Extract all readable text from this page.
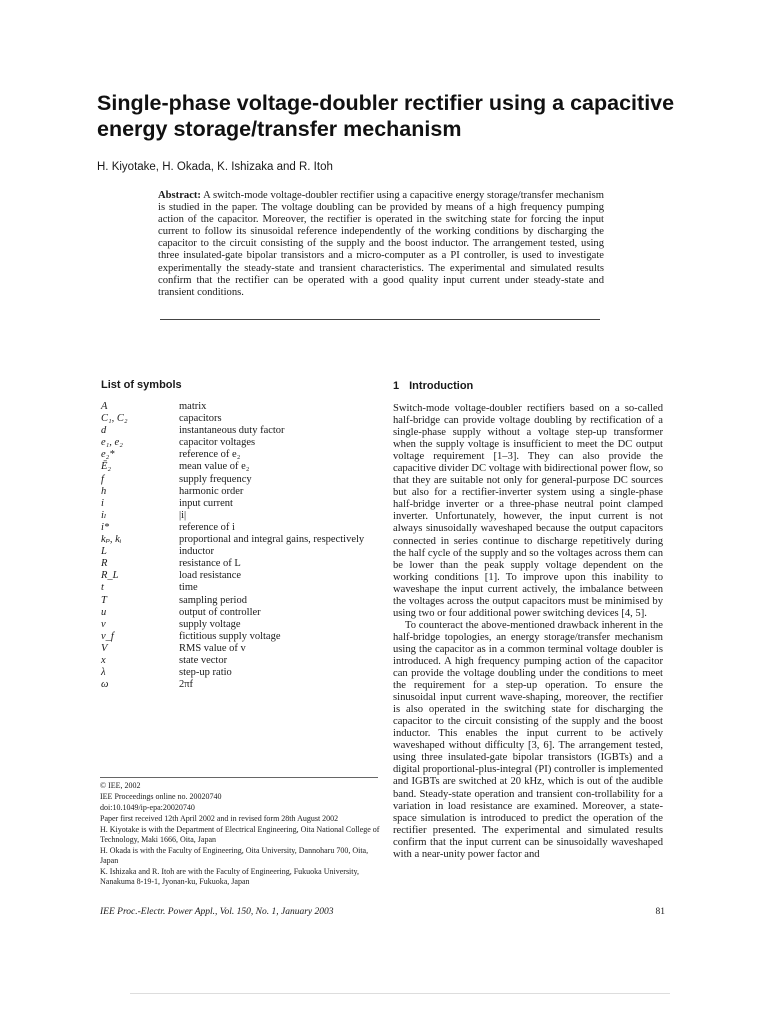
Single-phase voltage-doubler rectifier using a capacitive energy storage/transfer mechanism

H. Kiyotake, H. Okada, K. Ishizaka and R. Itoh

Abstract: A switch-mode voltage-doubler rectifier using a capacitive energy storage/transfer mechanism is studied in the paper. The voltage doubling can be provided by means of a high frequency pumping action of the capacitor. Moreover, the rectifier is operated in the switching state for forcing the input current to follow its sinusoidal reference independently of the working conditions by discharging the capacitor to the circuit consisting of the supply and the boost inductor. The arrangement tested, using three insulated-gate bipolar transistors and a micro-computer as a PI controller, is used to investigate experimentally the steady-state and transient characteristics. The experimental and simulated results confirm that the rectifier can be operated with a good quality input current under steady-state and transient conditions.

List of symbols
A	matrix
C₁, C₂	capacitors
d	instantaneous duty factor
e₁, e₂	capacitor voltages
e₂*	reference of e₂
Ē₂	mean value of e₂
f	supply frequency
h	harmonic order
i	input current
iₗ	|i|
i*	reference of i
kₚ, kᵢ	proportional and integral gains, respectively
L	inductor
R	resistance of L
R_L	load resistance
t	time
T	sampling period
u	output of controller
v	supply voltage
v_f	fictitious supply voltage
V	RMS value of v
x	state vector
λ	step-up ratio
ω	2πf
1 Introduction

Switch-mode voltage-doubler rectifiers based on a so-called half-bridge can provide voltage doubling by rectification of a single-phase supply without a voltage step-up transformer when the supply voltage is insufficient to meet the DC output voltage requirement [1–3]. They can also provide the capacitive divider DC voltage with bidirectional power flow, so that they are suitable not only for general-purpose DC sources but also for a rectifier-inverter system using a single-phase half-bridge inverter or a three-phase neutral point clamped inverter. Unfortunately, however, the input current is not always sinusoidally waveshaped because the output capacitors connected in series continue to discharge repetitively during the half cycle of the supply and so the voltages across them can be lower than the peak supply voltage dependent on the working conditions [1]. To improve upon this inability to waveshape the input current actively, the imbalance between the voltages across the output capacitors must be minimised by using two or four additional power switching devices [4, 5].

To counteract the above-mentioned drawback inherent in the half-bridge topologies, an energy storage/transfer mechanism using the capacitor as in a common terminal voltage doubler is introduced. A high frequency pumping action of the capacitor can provide the voltage doubling under the conditions to meet the requirement for a step-up operation. To ensure the sinusoidal input current wave-shaping, moreover, the rectifier is also operated in the switching state for discharging the capacitor to the circuit consisting of the supply and the boost inductor. This enables the input current to be actively waveshaped without difficulty [3, 6]. The arrangement tested, using three insulated-gate bipolar transistors (IGBTs) and a digital proportional-plus-integral (PI) controller is implemented and IGBTs are switched at 20 kHz, which is out of the audible band. Steady-state operation and transient con-trollability for a variation in load resistance are examined. Moreover, a state-space simulation is introduced to predict the operation of the rectifier presented. The experimental and simulated results confirm that the input current can be sinusoidally waveshaped with a near-unity power factor and

© IEE, 2002

IEE Proceedings online no. 20020740

doi:10.1049/ip-epa:20020740

Paper first received 12th April 2002 and in revised form 28th August 2002

H. Kiyotake is with the Department of Electrical Engineering, Oita National College of Technology, Maki 1666, Oita, Japan

H. Okada is with the Faculty of Engineering, Oita University, Dannoharu 700, Oita, Japan

K. Ishizaka and R. Itoh are with the Faculty of Engineering, Fukuoka University, Nanakuma 8-19-1, Jyonan-ku, Fukuoka, Japan

IEE Proc.-Electr. Power Appl., Vol. 150, No. 1, January 2003	81
